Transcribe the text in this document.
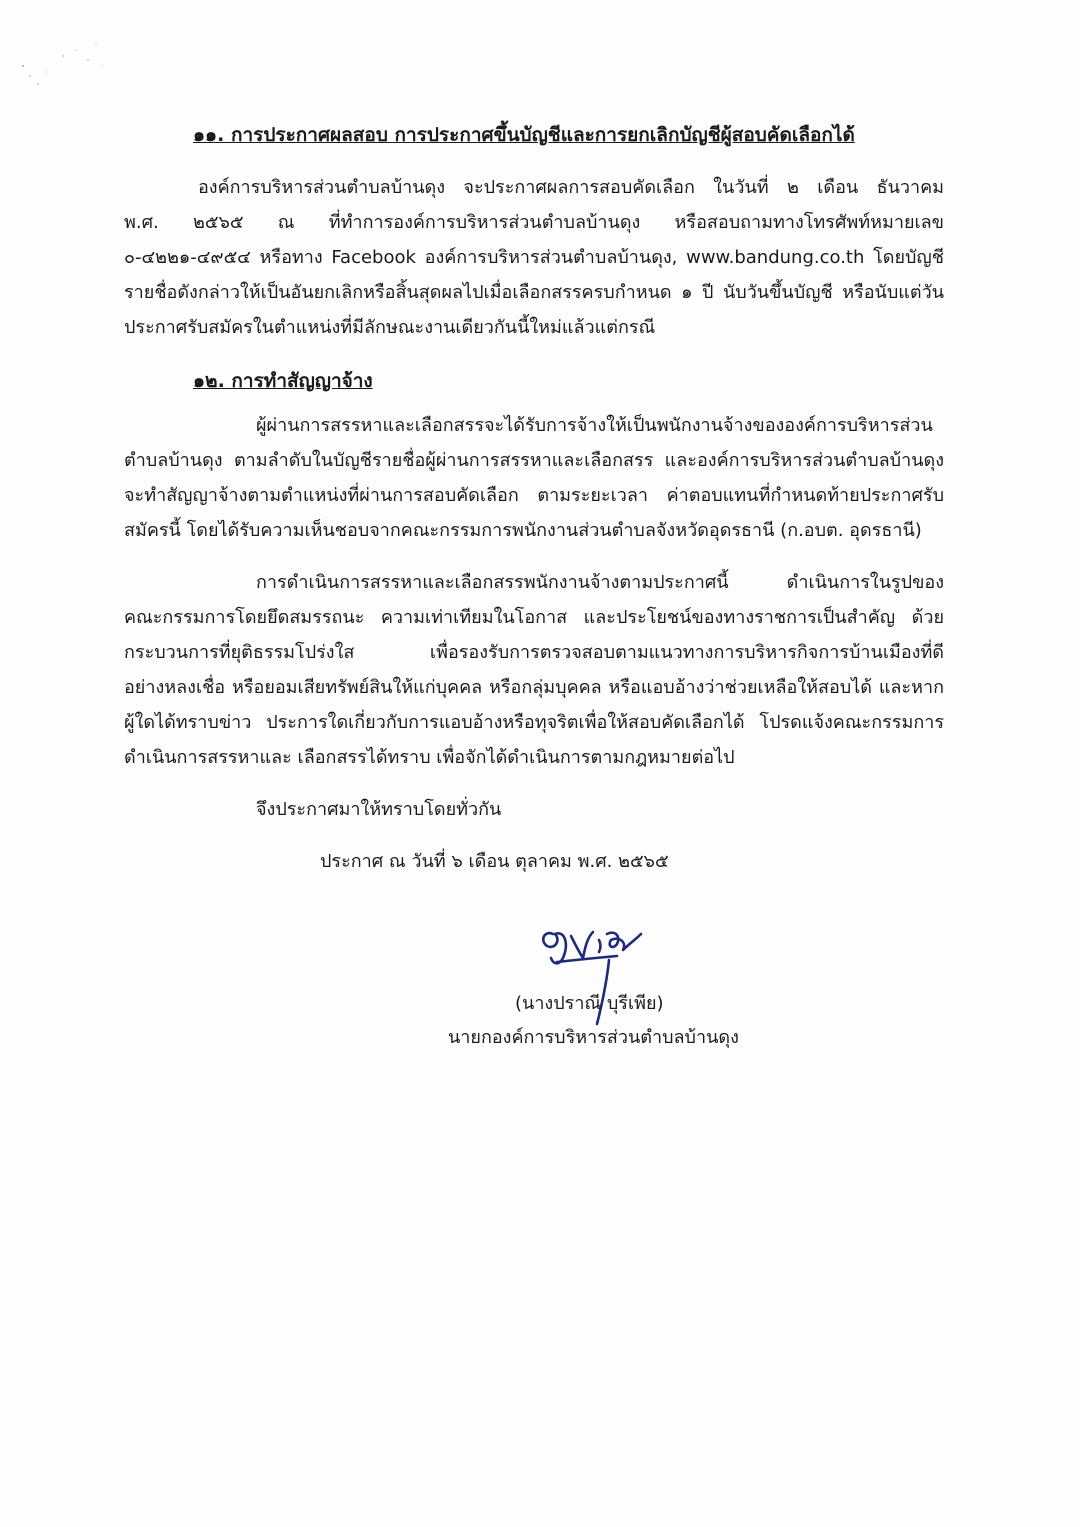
๑๑. การประกาศผลสอบ การประกาศขึ้นบัญชีและการยกเลิกบัญชีผู้สอบคัดเลือกได้
องค์การบริหารส่วนตำบลบ้านดุง จะประกาศผลการสอบคัดเลือก ในวันที่ ๒ เดือน ธันวาคม
พ.ศ. ๒๕๖๕ ณ ที่ทำการองค์การบริหารส่วนตำบลบ้านดุง หรือสอบถามทางโทรศัพท์หมายเลข
๐-๔๒๒๑-๔๙๕๔ หรือทาง Facebook องค์การบริหารส่วนตำบลบ้านดุง, www.bandung.co.th โดยบัญชี
รายชื่อดังกล่าวให้เป็นอันยกเลิกหรือสิ้นสุดผลไปเมื่อเลือกสรรครบกำหนด ๑ ปี นับวันขึ้นบัญชี หรือนับแต่วัน
ประกาศรับสมัครในตำแหน่งที่มีลักษณะงานเดียวกันนี้ใหม่แล้วแต่กรณี
๑๒. การทำสัญญาจ้าง
ผู้ผ่านการสรรหาและเลือกสรรจะได้รับการจ้างให้เป็นพนักงานจ้างขององค์การบริหารส่วน
ตำบลบ้านดุง ตามลำดับในบัญชีรายชื่อผู้ผ่านการสรรหาและเลือกสรร และองค์การบริหารส่วนตำบลบ้านดุง
จะทำสัญญาจ้างตามตำแหน่งที่ผ่านการสอบคัดเลือก ตามระยะเวลา ค่าตอบแทนที่กำหนดท้ายประกาศรับ
สมัครนี้ โดยได้รับความเห็นชอบจากคณะกรรมการพนักงานส่วนตำบลจังหวัดอุดรธานี (ก.อบต. อุดรธานี)
การดำเนินการสรรหาและเลือกสรรพนักงานจ้างตามประกาศนี้ ดำเนินการในรูปของ
คณะกรรมการโดยยึดสมรรถนะ ความเท่าเทียมในโอกาส และประโยชน์ของทางราชการเป็นสำคัญ ด้วย
กระบวนการที่ยุติธรรมโปร่งใส เพื่อรองรับการตรวจสอบตามแนวทางการบริหารกิจการบ้านเมืองที่ดี
อย่างหลงเชื่อ หรือยอมเสียทรัพย์สินให้แก่บุคคล หรือกลุ่มบุคคล หรือแอบอ้างว่าช่วยเหลือให้สอบได้ และหาก
ผู้ใดได้ทราบข่าว ประการใดเกี่ยวกับการแอบอ้างหรือทุจริตเพื่อให้สอบคัดเลือกได้ โปรดแจ้งคณะกรรมการ
ดำเนินการสรรหาและ เลือกสรรได้ทราบ เพื่อจักได้ดำเนินการตามกฎหมายต่อไป
จึงประกาศมาให้ทราบโดยทั่วกัน
ประกาศ ณ วันที่ ๖ เดือน ตุลาคม พ.ศ. ๒๕๖๕
(นางปราณี บุรีเพีย)
นายกองค์การบริหารส่วนตำบลบ้านดุง
